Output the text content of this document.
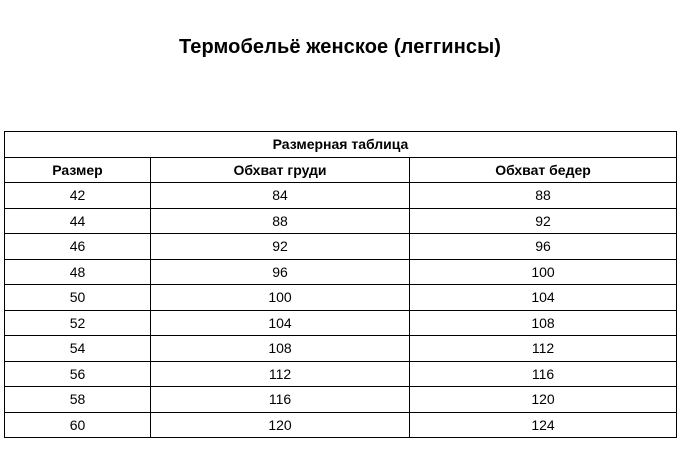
Термобельё женское (леггинсы)
Размерная таблица		
Размер	Обхват груди	Обхват бедер
42	84	88
44	88	92
46	92	96
48	96	100
50	100	104
52	104	108
54	108	112
56	112	116
58	116	120
60	120	124
